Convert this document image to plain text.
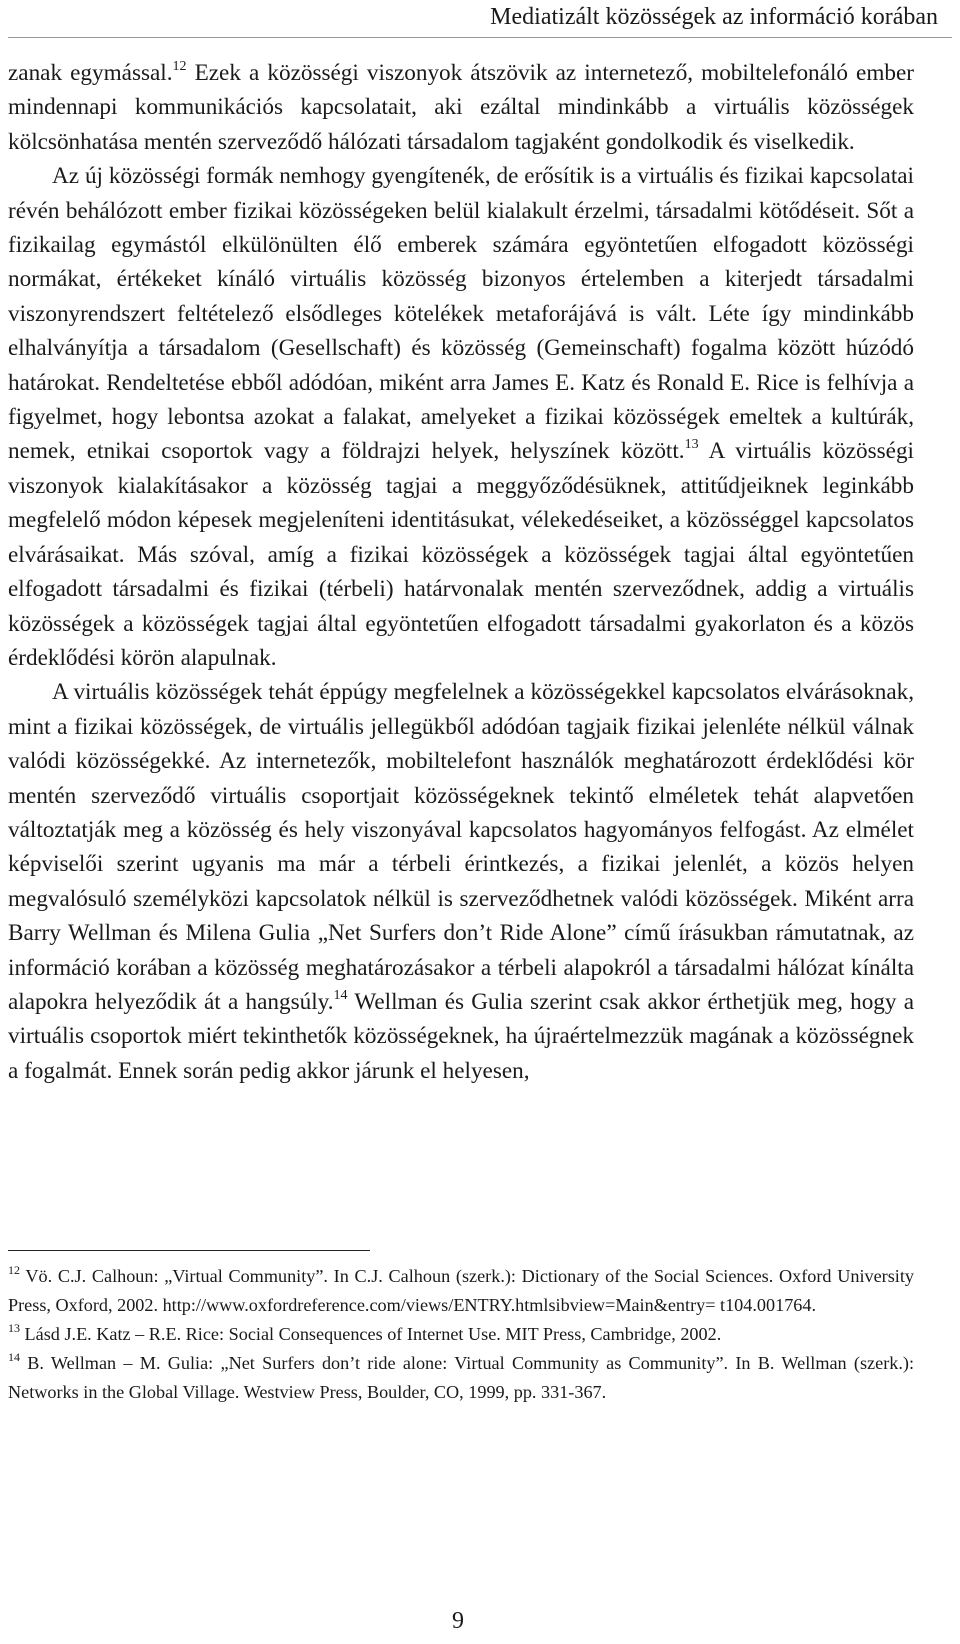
Mediatizált közösségek az információ korában

zanak egymással.$^{12}$ Ezek a közösségi viszonyok átszövik az internetező, mobiltelefonáló ember mindennapi kommunikációs kapcsolatait, aki ezáltal mindinkább a virtuális közösségek kölcsönhatása mentén szerveződő hálózati társadalom tagjaként gondolkodik és viselkedik.

Az új közösségi formák nemhogy gyengítenék, de erősítik is a virtuális és fizikai kapcsolatai révén behálózott ember fizikai közösségeken belül kialakult érzelmi, társadalmi kötődéseit. Sőt a fizikailag egymástól elkülönülten élő emberek számára egyöntetűen elfogadott közösségi normákat, értékeket kínáló virtuális közösség bizonyos értelemben a kiterjedt társadalmi viszonyrendszert feltételező elsődleges kötelékek metaforájává is vált. Léte így mindinkább elhalványítja a társadalom (Gesellschaft) és közösség (Gemeinschaft) fogalma között húzódó határokat. Rendeltetése ebből adódóan, miként arra James E. Katz és Ronald E. Rice is felhívja a figyelmet, hogy lebontsa azokat a falakat, amelyeket a fizikai közösségek emeltek a kultúrák, nemek, etnikai csoportok vagy a földrajzi helyek, helyszínek között.$^{13}$ A virtuális közösségi viszonyok kialakításakor a közösség tagjai a meggyőződésüknek, attitűdjeiknek leginkább megfelelő módon képesek megjeleníteni identitásukat, vélekedéseiket, a közösséggel kapcsolatos elvárásaikat. Más szóval, amíg a fizikai közösségek a közösségek tagjai által egyöntetűen elfogadott társadalmi és fizikai (térbeli) határvonalak mentén szerveződnek, addig a virtuális közösségek a közösségek tagjai által egyöntetűen elfogadott társadalmi gyakorlaton és a közös érdeklődési körön alapulnak.

A virtuális közösségek tehát éppúgy megfelelnek a közösségekkel kapcsolatos elvárásoknak, mint a fizikai közösségek, de virtuális jellegükből adódóan tagjaik fizikai jelenléte nélkül válnak valódi közösségekké. Az internetezők, mobiltelefont használók meghatározott érdeklődési kör mentén szerveződő virtuális csoportjait közösségeknek tekintő elméletek tehát alapvetően változtatják meg a közösség és hely viszonyával kapcsolatos hagyományos felfogást. Az elmélet képviselői szerint ugyanis ma már a térbeli érintkezés, a fizikai jelenlét, a közös helyen megvalósuló személyközi kapcsolatok nélkül is szerveződhetnek valódi közösségek. Miként arra Barry Wellman és Milena Gulia „Net Surfers don’t Ride Alone” című írásukban rámutatnak, az információ korában a közösség meghatározásakor a térbeli alapokról a társadalmi hálózat kínálta alapokra helyeződik át a hangsúly.$^{14}$ Wellman és Gulia szerint csak akkor érthetjük meg, hogy a virtuális csoportok miért tekinthetők közösségeknek, ha újraértelmezzük magának a közösségnek a fogalmát. Ennek során pedig akkor járunk el helyesen,

$^{12}$ Vö. C.J. Calhoun: „Virtual Community”. In C.J. Calhoun (szerk.): Dictionary of the Social Sciences. Oxford University Press, Oxford, 2002. http://www.oxfordreference.com/views/ENTRY.htmlsibview=Main&entry= t104.001764.

$^{13}$ Lásd J.E. Katz – R.E. Rice: Social Consequences of Internet Use. MIT Press, Cambridge, 2002.

$^{14}$ B. Wellman – M. Gulia: „Net Surfers don’t ride alone: Virtual Community as Community”. In B. Wellman (szerk.): Networks in the Global Village. Westview Press, Boulder, CO, 1999, pp. 331-367.

9
